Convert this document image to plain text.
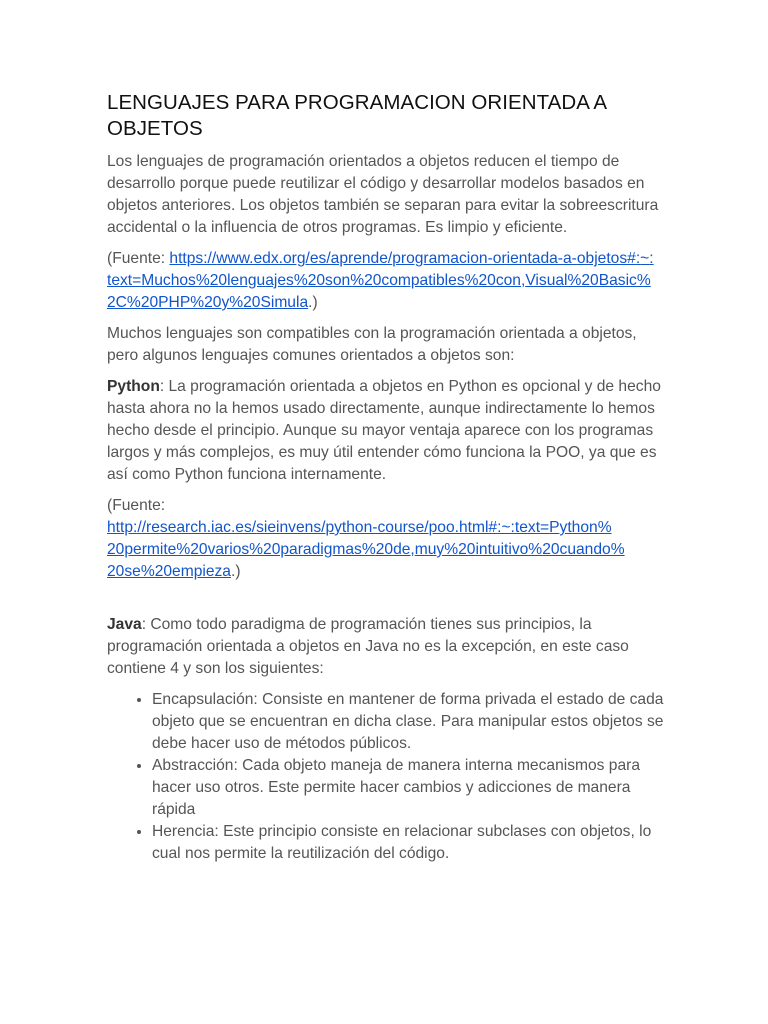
LENGUAJES PARA PROGRAMACION ORIENTADA A OBJETOS

Los lenguajes de programación orientados a objetos reducen el tiempo de desarrollo porque puede reutilizar el código y desarrollar modelos basados en objetos anteriores. Los objetos también se separan para evitar la sobreescritura accidental o la influencia de otros programas. Es limpio y eficiente.

(Fuente: https://www.edx.org/es/aprende/programacion-orientada-a-objetos#:~:text=Muchos%20lenguajes%20son%20compatibles%20con,Visual%20Basic%2C%20PHP%20y%20Simula.)

Muchos lenguajes son compatibles con la programación orientada a objetos, pero algunos lenguajes comunes orientados a objetos son:

Python: La programación orientada a objetos en Python es opcional y de hecho hasta ahora no la hemos usado directamente, aunque indirectamente lo hemos hecho desde el principio. Aunque su mayor ventaja aparece con los programas largos y más complejos, es muy útil entender cómo funciona la POO, ya que es así como Python funciona internamente.

(Fuente:
http://research.iac.es/sieinvens/python-course/poo.html#:~:text=Python%20permite%20varios%20paradigmas%20de,muy%20intuitivo%20cuando%20se%20empieza.)

Java: Como todo paradigma de programación tienes sus principios, la programación orientada a objetos en Java no es la excepción, en este caso contiene 4 y son los siguientes:

• Encapsulación: Consiste en mantener de forma privada el estado de cada objeto que se encuentran en dicha clase. Para manipular estos objetos se debe hacer uso de métodos públicos.
• Abstracción: Cada objeto maneja de manera interna mecanismos para hacer uso otros. Este permite hacer cambios y adicciones de manera rápida
• Herencia: Este principio consiste en relacionar subclases con objetos, lo cual nos permite la reutilización del código.
